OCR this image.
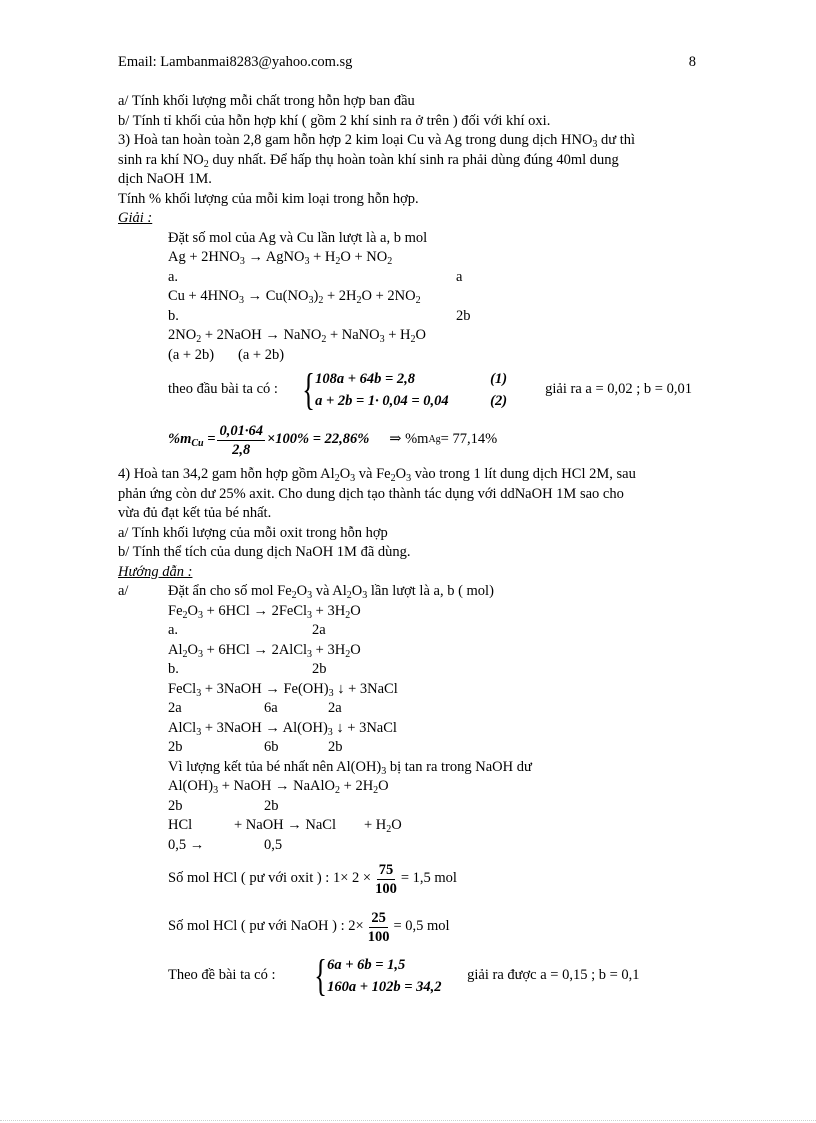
Email: Lambanmai8283@yahoo.com.sg	8

a/ Tính khối lượng mỗi chất trong hỗn hợp ban đầu

b/ Tính tỉ khối của hỗn hợp khí ( gồm 2 khí sinh ra ở trên ) đối với khí oxi.

3) Hoà tan hoàn toàn 2,8 gam hỗn hợp 2 kim loại Cu và Ag trong dung dịch $HNO_3$ dư thì

sinh ra khí $NO_2$ duy nhất. Để hấp thụ hoàn toàn khí sinh ra phải dùng đúng 40ml dung

dịch NaOH 1M.

Tính % khối lượng của mỗi kim loại trong hỗn hợp.

Giải :

Đặt số mol của Ag và Cu lần lượt là a, b mol

$Ag + 2HNO_3$ → AgNO$_3$ + $H_2O + NO_2$

a.	a

$Cu + 4HNO_3 \to Cu(NO_3)_2 + 2H_2O + 2NO_2$

b.	2b

$2NO_2$ + 2NaOH → NaNO$_2$ + NaNO$_3$ + $H_2O$

(a + 2b)	(a + 2b)
theo đầu bài ta có : { 108a + 64b = 2,8
a + 2b = 1· 0,04 = 0,04
(1)
(2)
giải ra a = 0,02 ; b = 0,01
$\%m_{Cu} = \frac{0,01\cdot 64}{2,8} \times 100\% = 22,86\%$ ⇒ %m Ag = 77,14%

4) Hoà tan 34,2 gam hỗn hợp gồm $Al_2O_3$ và $Fe_2O_3$ vào trong 1 lít dung dịch HCl 2M, sau

phản ứng còn dư 25% axit. Cho dung dịch tạo thành tác dụng với ddNaOH 1M sao cho

vừa đủ đạt kết tủa bé nhất.

a/ Tính khối lượng của mỗi oxit trong hỗn hợp

b/ Tính thể tích của dung dịch NaOH 1M đã dùng.

Hướng dẫn :

a/	Đặt ẩn cho số mol $Fe_2O_3$ và $Al_2O_3$ lần lượt là a, b ( mol)

$Fe_2O_3 + 6HCl$ → 2FeCl$_3$ + $3H_2O$

a.	2a

$Al_2O_3 + 6HCl$ → 2AlCl$_3$ + $3H_2O$

b.	2b

FeCl$_3$ + 3NaOH → $Fe(OH)_3$ ↓ + 3NaCl

2a	6a	2a

AlCl$_3$ + 3NaOH → $Al(OH)_3$ ↓ + 3NaCl

2b	6b	2b

Vì lượng kết tủa bé nhất nên $Al(OH)_3$ bị tan ra trong NaOH dư

$Al(OH)_3$ + NaOH → NaAlO$_2$ + $2H_2O$

2b	2b
HCl	+ NaOH → NaCl	+ $H_2O$
0,5 →	0,5
Số mol HCl ( pư với oxit ) : $1\times 2 \times \frac{75}{100} = 1,5$ mol
Số mol HCl ( pư với NaOH ) : $2\times \frac{25}{100} = 0,5$ mol
Theo đề bài ta có : { 6a + 6b = 1,5
160a + 102b = 34,2
giải ra được a = 0,15 ; b = 0,1
